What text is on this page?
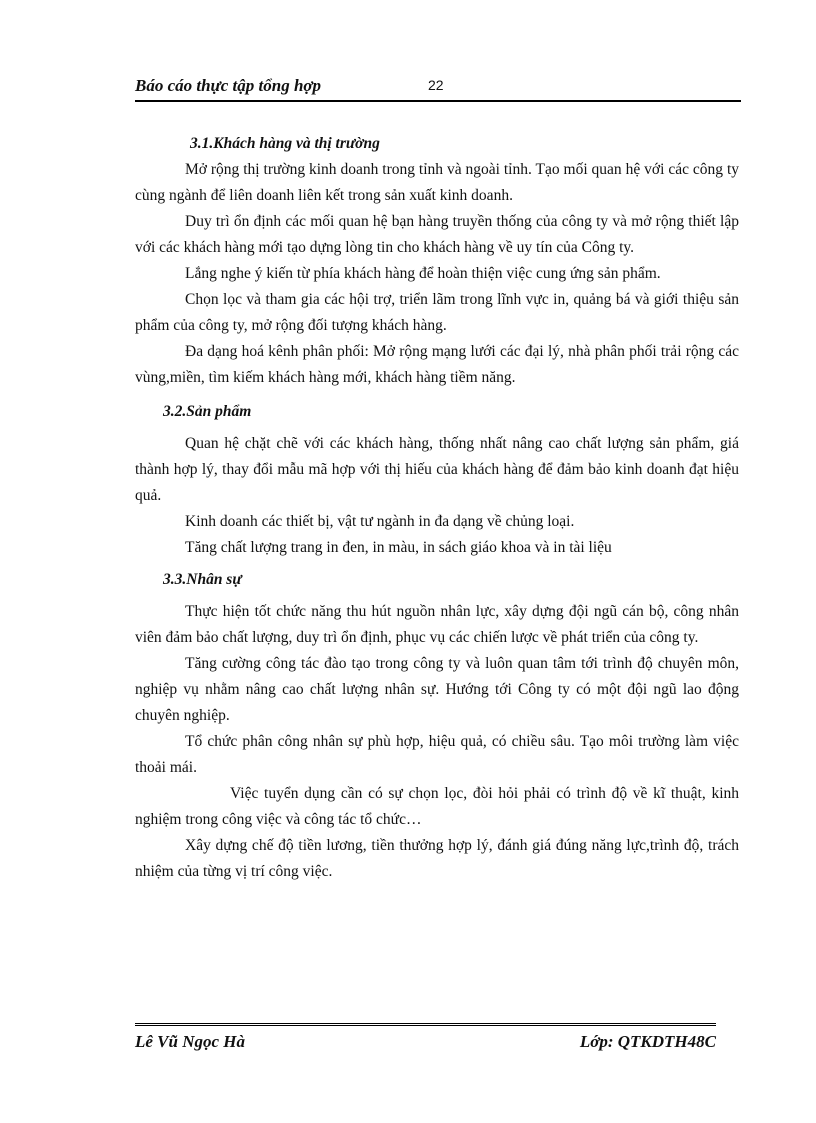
Báo cáo thực tập tổng hợp	22

3.1.Khách hàng và thị trường

Mở rộng thị trường kinh doanh trong tỉnh và ngoài tỉnh. Tạo mối quan hệ với các công ty cùng ngành để liên doanh liên kết trong sản xuất kinh doanh.

Duy trì ổn định các mối quan hệ bạn hàng truyền thống của công ty và mở rộng thiết lập với các khách hàng mới tạo dựng lòng tin cho khách hàng về uy tín của Công ty.

Lắng nghe ý kiến từ phía khách hàng để hoàn thiện việc cung ứng sản phẩm.

Chọn lọc và tham gia các hội trợ, triển lãm trong lĩnh vực in, quảng bá và giới thiệu sản phẩm của công ty, mở rộng đối tượng khách hàng.

Đa dạng hoá kênh phân phối: Mở rộng mạng lưới các đại lý, nhà phân phối trải rộng các vùng,miền, tìm kiếm khách hàng mới, khách hàng tiềm năng.

3.2.Sản phẩm

Quan hệ chặt chẽ với các khách hàng, thống nhất nâng cao chất lượng sản phẩm, giá thành hợp lý, thay đổi mẫu mã hợp với thị hiếu của khách hàng để đảm bảo kinh doanh đạt hiệu quả.

Kinh doanh các thiết bị, vật tư ngành in đa dạng về chủng loại.

Tăng chất lượng trang in đen, in màu, in sách giáo khoa và in tài liệu

3.3.Nhân sự

Thực hiện tốt chức năng thu hút nguồn nhân lực, xây dựng đội ngũ cán bộ, công nhân viên đảm bảo chất lượng, duy trì ổn định, phục vụ các chiến lược về phát triển của công ty.

Tăng cường công tác đào tạo trong công ty và luôn quan tâm tới trình độ chuyên môn, nghiệp vụ nhằm nâng cao chất lượng nhân sự. Hướng tới Công ty có một đội ngũ lao động chuyên nghiệp.

Tổ chức phân công nhân sự phù hợp, hiệu quả, có chiều sâu. Tạo môi trường làm việc thoải mái.

Việc tuyển dụng cần có sự chọn lọc, đòi hỏi phải có trình độ về kĩ thuật, kinh nghiệm trong công việc và công tác tổ chức…

Xây dựng chế độ tiền lương, tiền thưởng hợp lý, đánh giá đúng năng lực,trình độ, trách nhiệm của từng vị trí công việc.

Lê Vũ Ngọc Hà	Lớp: QTKDTH48C
